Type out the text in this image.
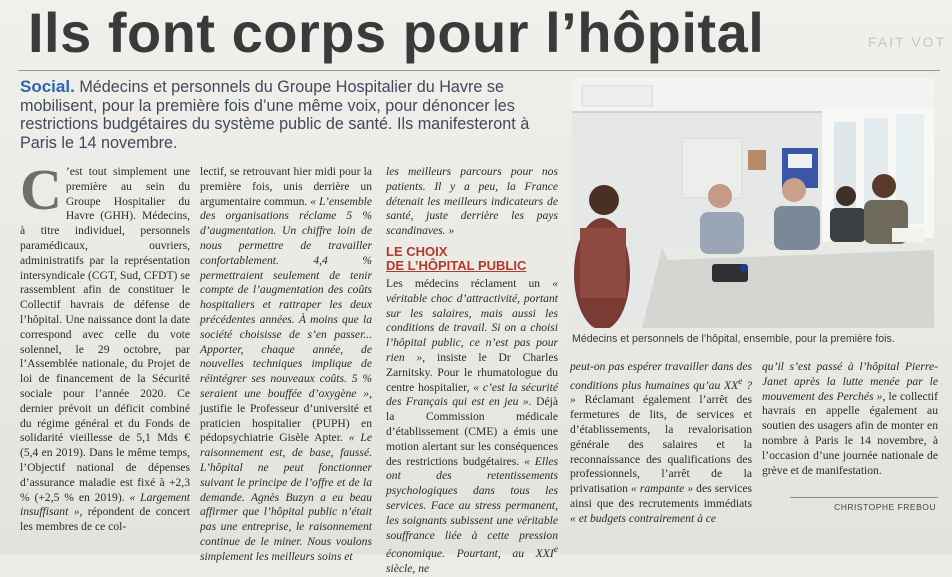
Ils font corps pour l’hôpital	FAIT VOT
Social. Médecins et personnels du Groupe Hospitalier du Havre se mobilisent, pour la première fois d’une même voix, pour dénoncer les restrictions budgétaires du système public de santé. Ils manifesteront à Paris le 14 novembre.

C ’est tout simplement une première au sein du Groupe Hospitalier du Havre (GHH). Médecins, à titre individuel, personnels paramédicaux, ouvriers, administratifs par la représentation intersyndicale (CGT, Sud, CFDT) se rassemblent afin de constituer le Collectif havrais de défense de l’hôpital. Une naissance dont la date correspond avec celle du vote solennel, le 29 octobre, par l’Assemblée nationale, du Projet de loi de financement de la Sécurité sociale pour l’année 2020. Ce dernier prévoit un déficit combiné du régime général et du Fonds de solidarité vieillesse de 5,1 Mds € (5,4 en 2019). Dans le même temps, l’Objectif national de dépenses d’assurance maladie est fixé à +2,3 % (+2,5 % en 2019). « Largement insuffisant », répondent de concert les membres de ce col-

lectif, se retrouvant hier midi pour la première fois, unis derrière un argumentaire commun. « L’ensemble des organisations réclame 5 % d’augmentation. Un chiffre loin de nous permettre de travailler confortablement. 4,4 % permettraient seulement de tenir compte de l’augmentation des coûts hospitaliers et rattraper les deux précédentes années. À moins que la société choisisse de s’en passer... Apporter, chaque année, de nouvelles techniques implique de réintégrer ses nouveaux coûts. 5 % seraient une bouffée d’oxygène », justifie le Professeur d’université et praticien hospitalier (PUPH) en pédopsychiatrie Gisèle Apter. « Le raisonnement est, de base, faussé. L’hôpital ne peut fonctionner suivant le principe de l’offre et de la demande. Agnès Buzyn a eu beau affirmer que l’hôpital public n’était pas une entreprise, le raisonnement continue de le miner. Nous voulons simplement les meilleurs soins et

les meilleurs parcours pour nos patients. Il y a peu, la France détenait les meilleurs indicateurs de santé, juste derrière les pays scandinaves. »

LE CHOIX
DE L’HÔPITAL PUBLIC

Les médecins réclament un « véritable choc d’attractivité, portant sur les salaires, mais aussi les conditions de travail. Si on a choisi l’hôpital public, ce n’est pas pour rien », insiste le Dr Charles Zarnitsky. Pour le rhumatologue du centre hospitalier, « c’est la sécurité des Français qui est en jeu ». Déjà la Commission médicale d’établissement (CME) a émis une motion alertant sur les conséquences des restrictions budgétaires. « Elles ont des retentissements psychologiques dans tous les services. Face au stress permanent, les soignants subissent une véritable souffrance liée à cette pression économique. Pourtant, au XXIe siècle, ne

Médecins et personnels de l’hôpital, ensemble, pour la première fois.

peut-on pas espérer travailler dans des conditions plus humaines qu’au XXe ? » Réclamant également l’arrêt des fermetures de lits, de services et d’établissements, la revalorisation générale des salaires et la reconnaissance des qualifications des professionnels, l’arrêt de la privatisation « rampante » des services ainsi que des recrutements immédiats « et budgets contrairement à ce

qu’il s’est passé à l’hôpital Pierre-Janet après la lutte menée par le mouvement des Perchés », le collectif havrais en appelle également au soutien des usagers afin de monter en nombre à Paris le 14 novembre, à l’occasion d’une journée nationale de grève et de manifestation.

CHRISTOPHE FREBOU
